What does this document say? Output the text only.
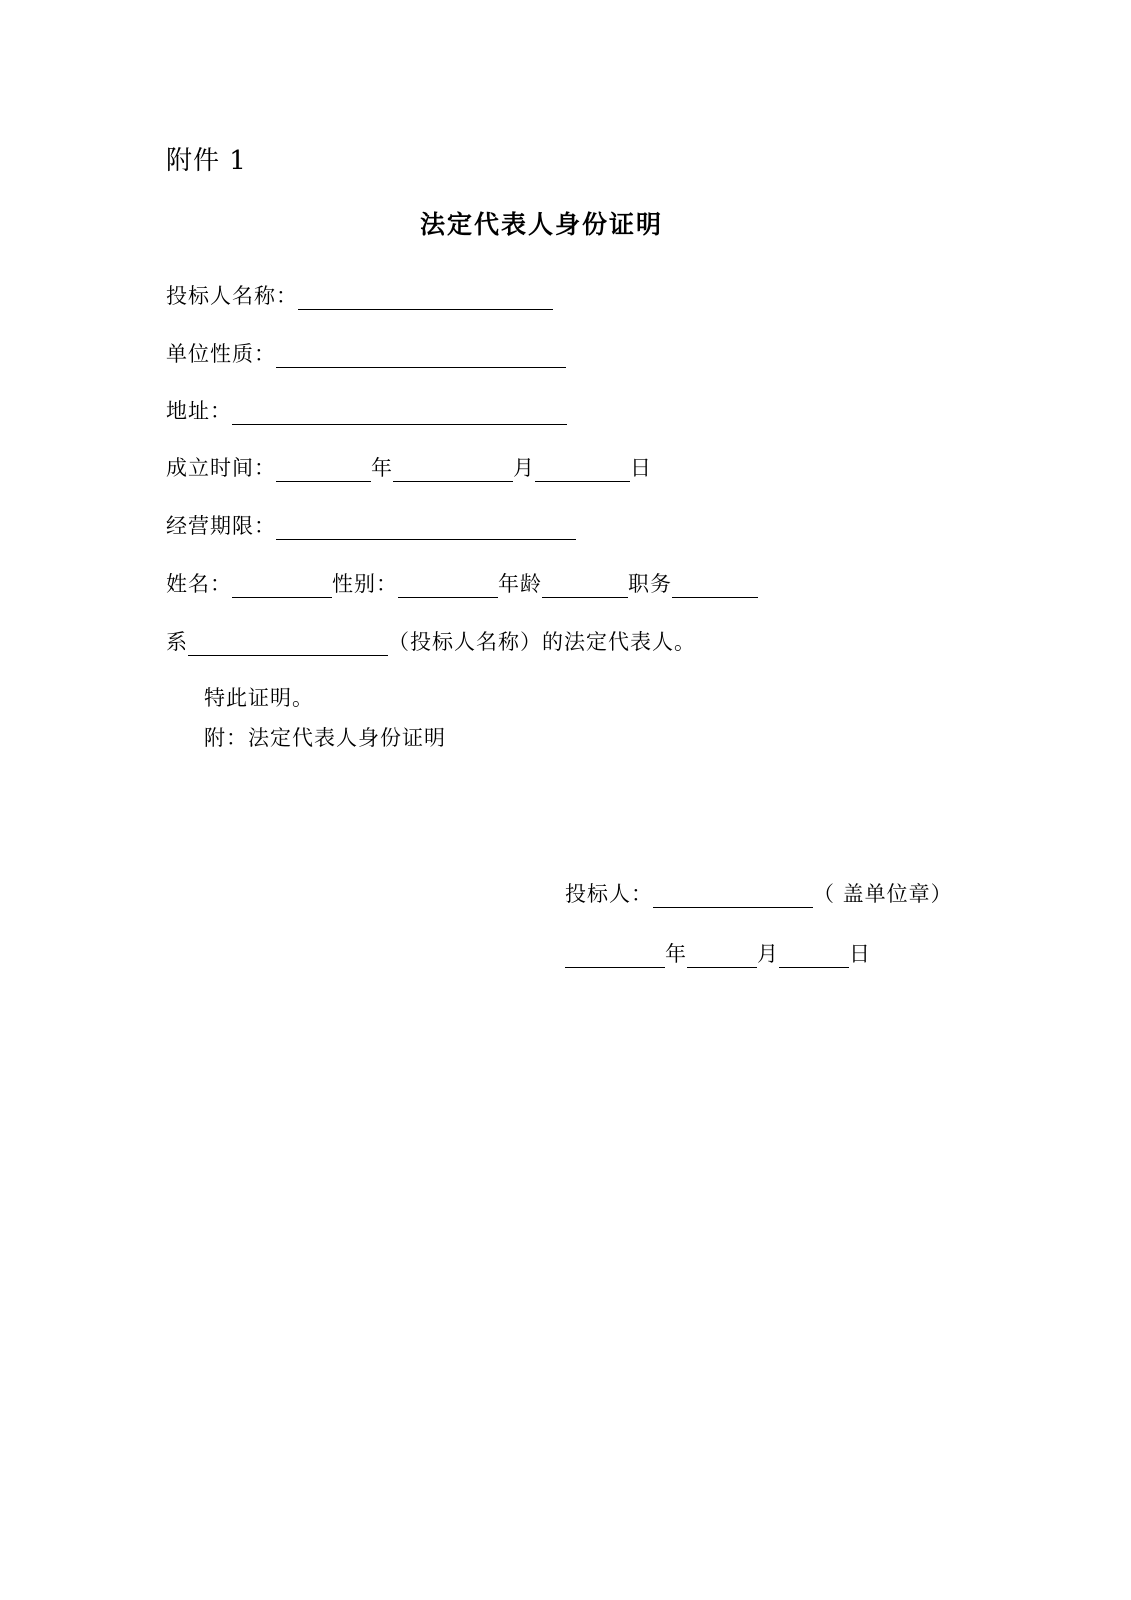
附件 1
法定代表人身份证明
投标人名称：
单位性质：
地址：
成立时间：	年	月	日
经营期限：
姓名：	性别：	年龄	职务
系	（投标人名称）的法定代表人。
特此证明。
附：法定代表人身份证明
投标人：	（ 盖单位章）
年	月	日
